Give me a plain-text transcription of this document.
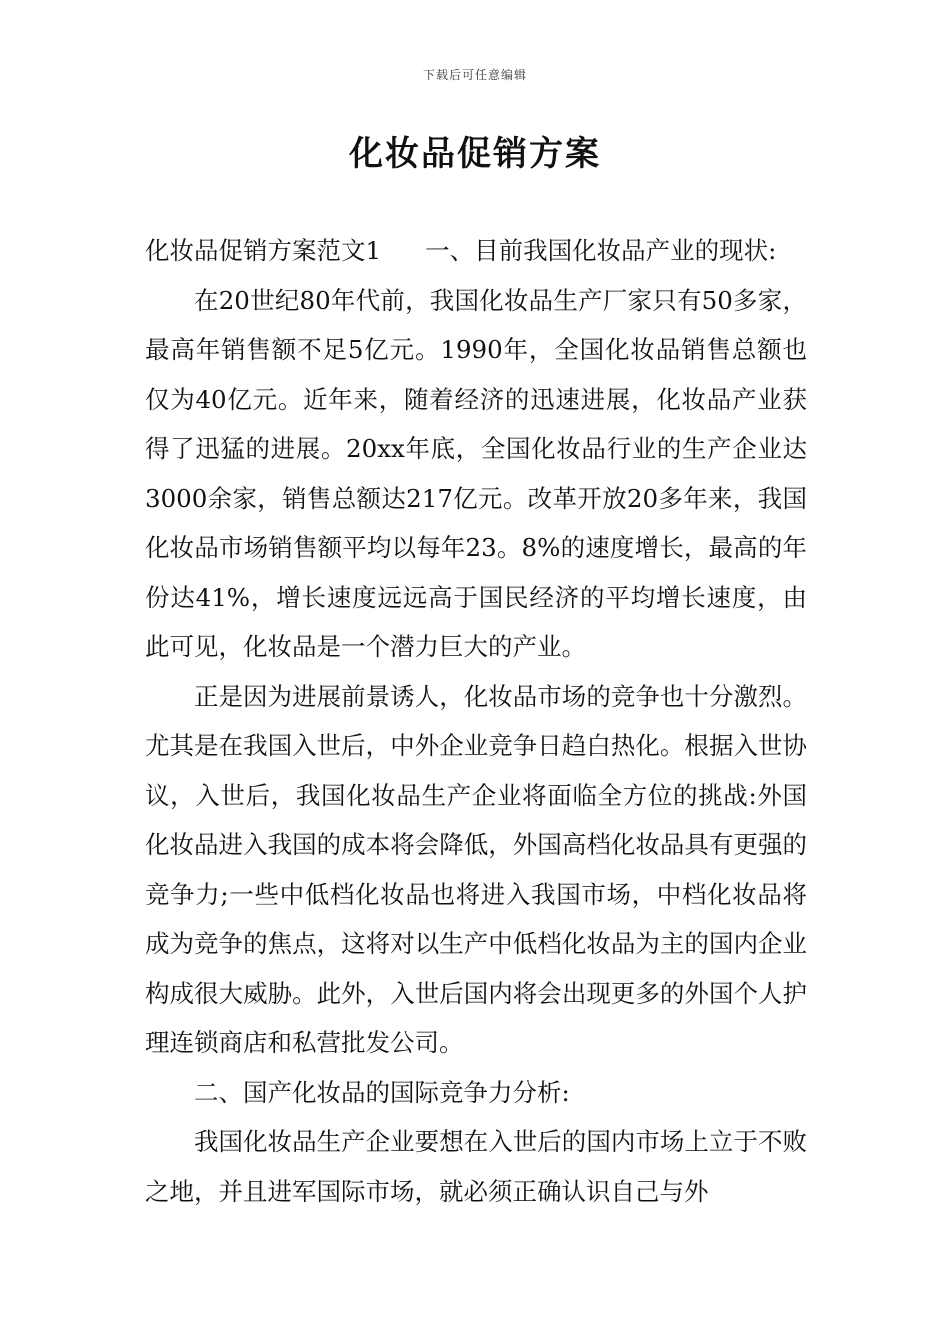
下载后可任意编辑
化妆品促销方案

化妆品促销方案范文1 一、目前我国化妆品产业的现状:

在20世纪80年代前，我国化妆品生产厂家只有50多家，最高年销售额不足5亿元。1990年，全国化妆品销售总额也仅为40亿元。近年来，随着经济的迅速进展，化妆品产业获得了迅猛的进展。20xx年底，全国化妆品行业的生产企业达3000余家，销售总额达217亿元。改革开放20多年来，我国化妆品市场销售额平均以每年23。8%的速度增长，最高的年份达41%，增长速度远远高于国民经济的平均增长速度，由此可见，化妆品是一个潜力巨大的产业。

正是因为进展前景诱人，化妆品市场的竞争也十分激烈。尤其是在我国入世后，中外企业竞争日趋白热化。根据入世协议，入世后，我国化妆品生产企业将面临全方位的挑战:外国化妆品进入我国的成本将会降低，外国高档化妆品具有更强的竞争力;一些中低档化妆品也将进入我国市场，中档化妆品将成为竞争的焦点，这将对以生产中低档化妆品为主的国内企业构成很大威胁。此外，入世后国内将会出现更多的外国个人护理连锁商店和私营批发公司。

二、国产化妆品的国际竞争力分析:

我国化妆品生产企业要想在入世后的国内市场上立于不败之地，并且进军国际市场，就必须正确认识自己与外
